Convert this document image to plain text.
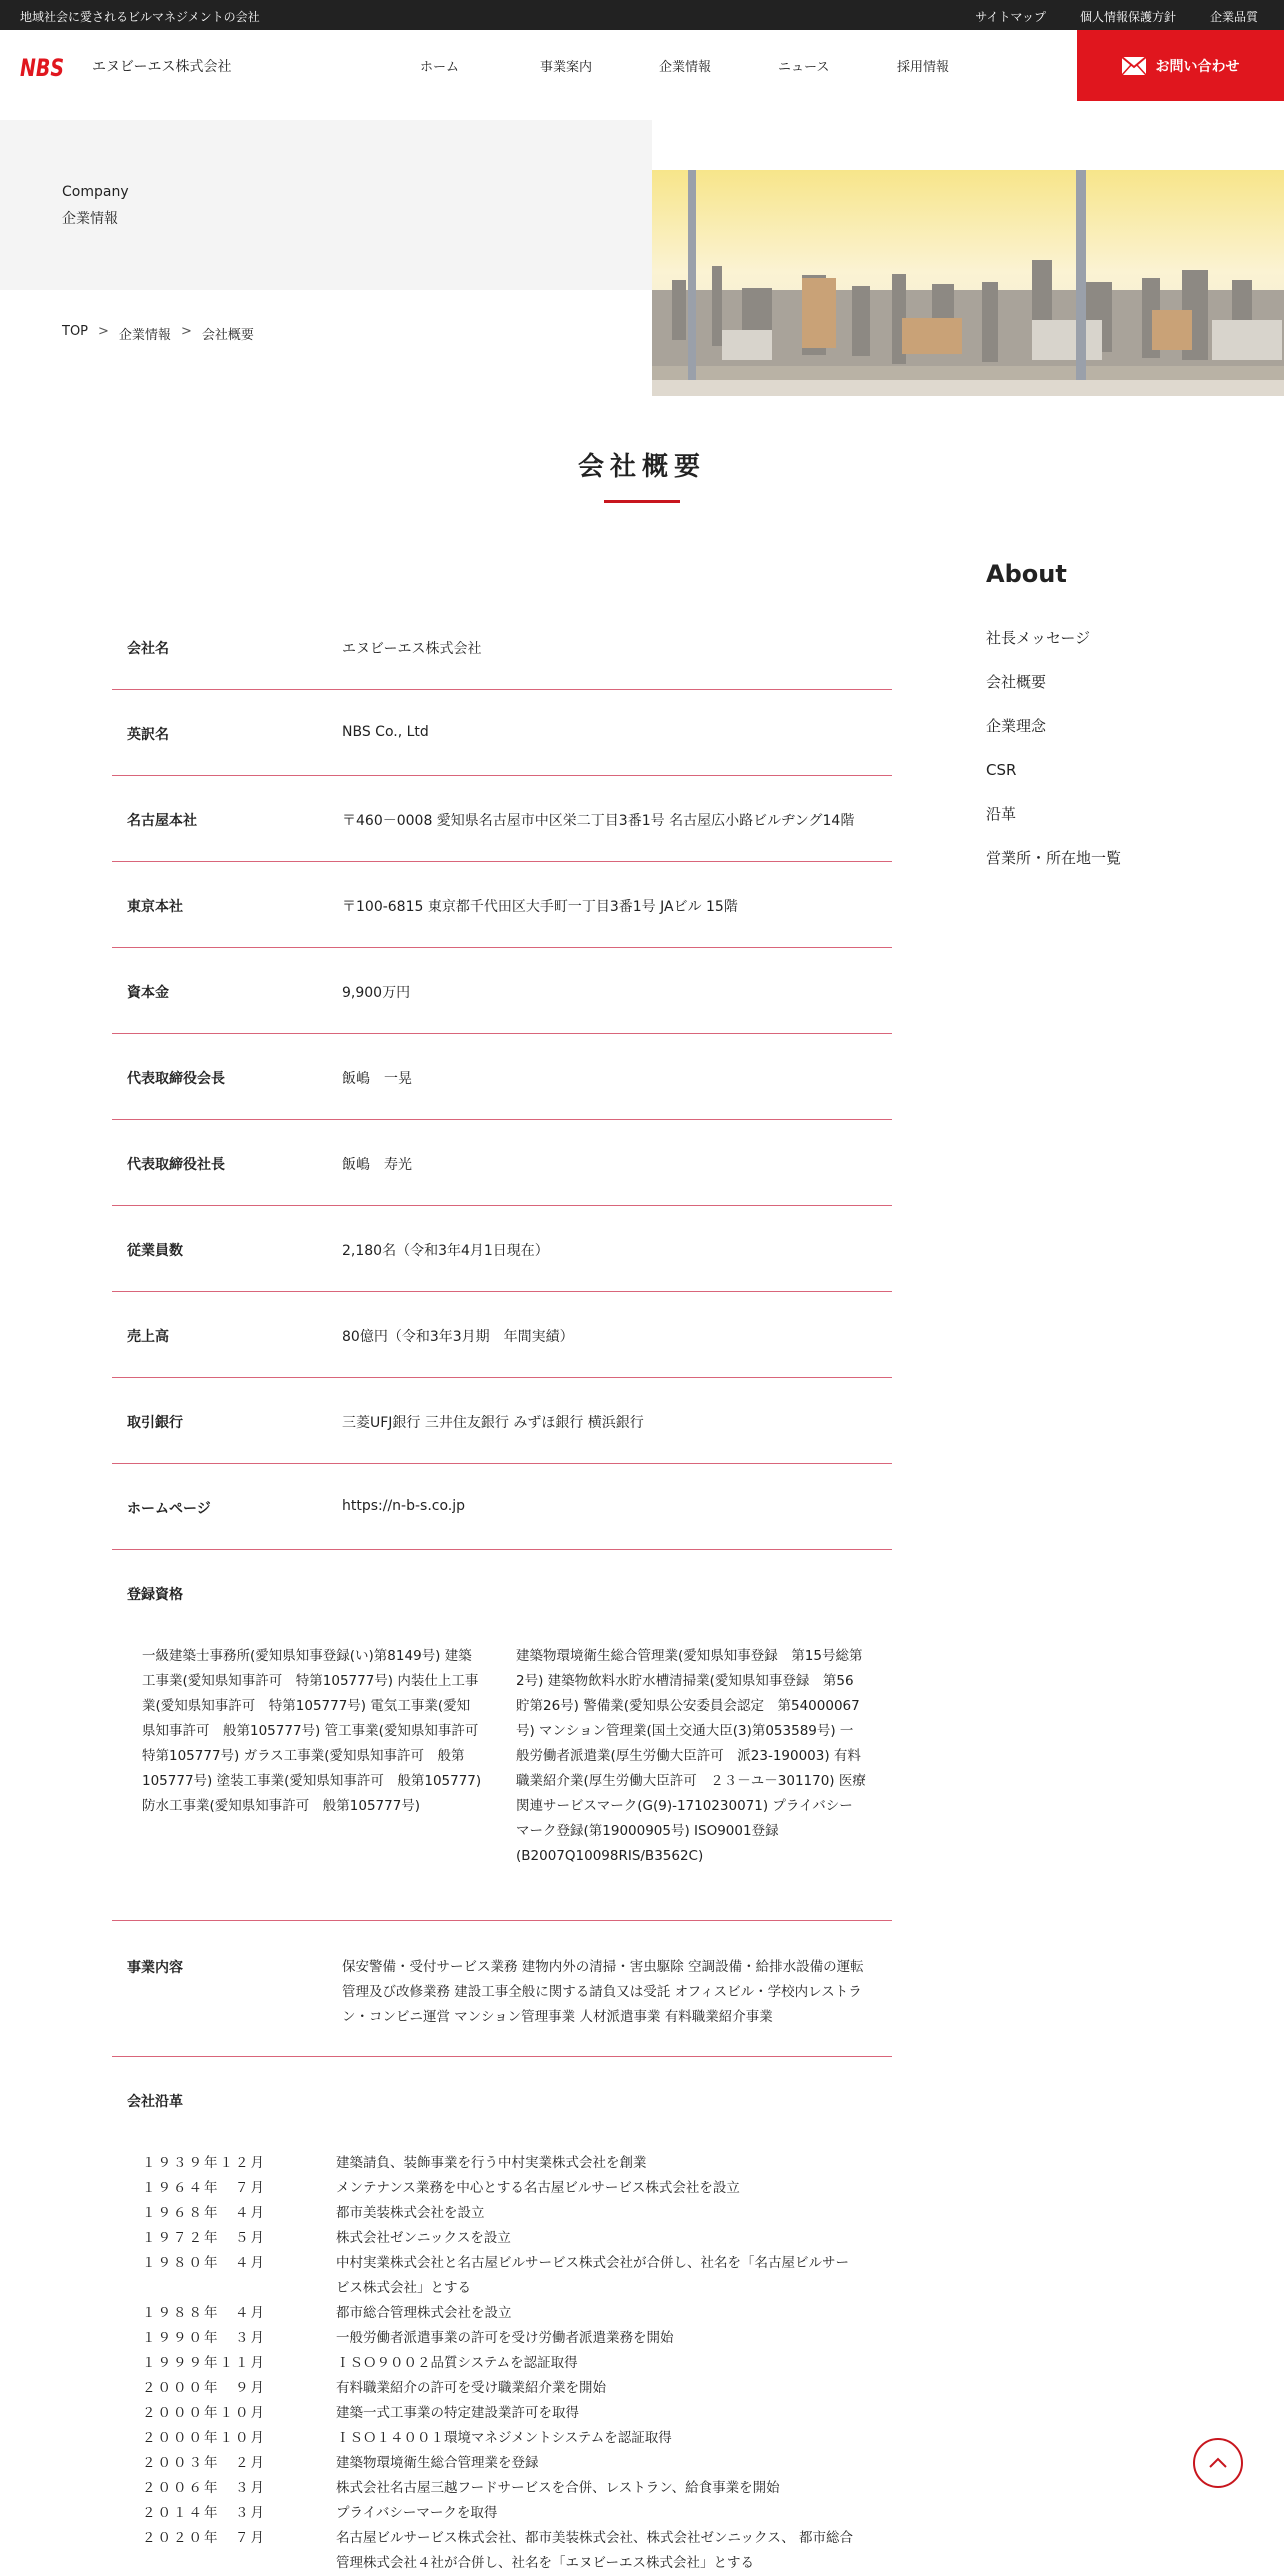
地域社会に愛されるビルマネジメントの会社	サイトマップ	個人情報保護方針	企業品質
NBS エヌビーエス株式会社	ホーム	事業案内	企業情報	ニュース	採用情報	お問い合わせ
Company
企業情報
TOP > 企業情報 > 会社概要
会社概要
会社名	エヌビーエス株式会社
英訳名	NBS Co., Ltd
名古屋本社	〒460－0008 愛知県名古屋市中区栄二丁目3番1号 名古屋広小路ビルヂング14階
東京本社	〒100-6815 東京都千代田区大手町一丁目3番1号 JAビル 15階
資本金	9,900万円
代表取締役会長	飯嶋　一晃
代表取締役社長	飯嶋　寿光
従業員数	2,180名（令和3年4月1日現在）
売上高	80億円（令和3年3月期　年間実績）
取引銀行	三菱UFJ銀行 三井住友銀行 みずほ銀行 横浜銀行
ホームページ	https://n-b-s.co.jp
登録資格
一級建築士事務所(愛知県知事登録(い)第8149号) 建築工事業(愛知県知事許可　特第105777号) 内装仕上工事業(愛知県知事許可　特第105777号) 電気工事業(愛知県知事許可　般第105777号) 管工事業(愛知県知事許可　特第105777号) ガラス工事業(愛知県知事許可　般第105777号) 塗装工事業(愛知県知事許可　般第105777) 防水工事業(愛知県知事許可　般第105777号)
建築物環境衛生総合管理業(愛知県知事登録　第15号総第2号) 建築物飲料水貯水槽清掃業(愛知県知事登録　第56貯第26号) 警備業(愛知県公安委員会認定　第54000067号) マンション管理業(国土交通大臣(3)第053589号) 一般労働者派遣業(厚生労働大臣許可　派23-190003) 有料職業紹介業(厚生労働大臣許可　２３－ユ－301170) 医療関連サービスマーク(G(9)-1710230071) プライバシーマーク登録(第19000905号) ISO9001登録(B2007Q10098RIS/B3562C)
事業内容	保安警備・受付サービス業務 建物内外の清掃・害虫駆除 空調設備・給排水設備の運転管理及び改修業務 建設工事全般に関する請負又は受託 オフィスビル・学校内レストラン・コンビニ運営 マンション管理事業 人材派遣事業 有料職業紹介事業
会社沿革
１９３９年１２月	建築請負、装飾事業を行う中村実業株式会社を創業
１９６４年　７月	メンテナンス業務を中心とする名古屋ビルサービス株式会社を設立
１９６８年　４月	都市美装株式会社を設立
１９７２年　５月	株式会社ゼンニックスを設立
１９８０年　４月	中村実業株式会社と名古屋ビルサービス株式会社が合併し、社名を「名古屋ビルサービス株式会社」とする
１９８８年　４月	都市総合管理株式会社を設立
１９９０年　３月	一般労働者派遣事業の許可を受け労働者派遣業務を開始
１９９９年１１月	ＩＳＯ９００２品質システムを認証取得
２０００年　９月	有料職業紹介の許可を受け職業紹介業を開始
２０００年１０月	建築一式工事業の特定建設業許可を取得
２０００年１０月	ＩＳＯ１４００１環境マネジメントシステムを認証取得
２００３年　２月	建築物環境衛生総合管理業を登録
２００６年　３月	株式会社名古屋三越フードサービスを合併、レストラン、給食事業を開始
２０１４年　３月	プライバシーマークを取得
２０２０年　７月	名古屋ビルサービス株式会社、都市美装株式会社、株式会社ゼンニックス、 都市総合管理株式会社４社が合併し、社名を「エヌビーエス株式会社」とする
About
社長メッセージ
会社概要
企業理念
CSR
沿革
営業所・所在地一覧
